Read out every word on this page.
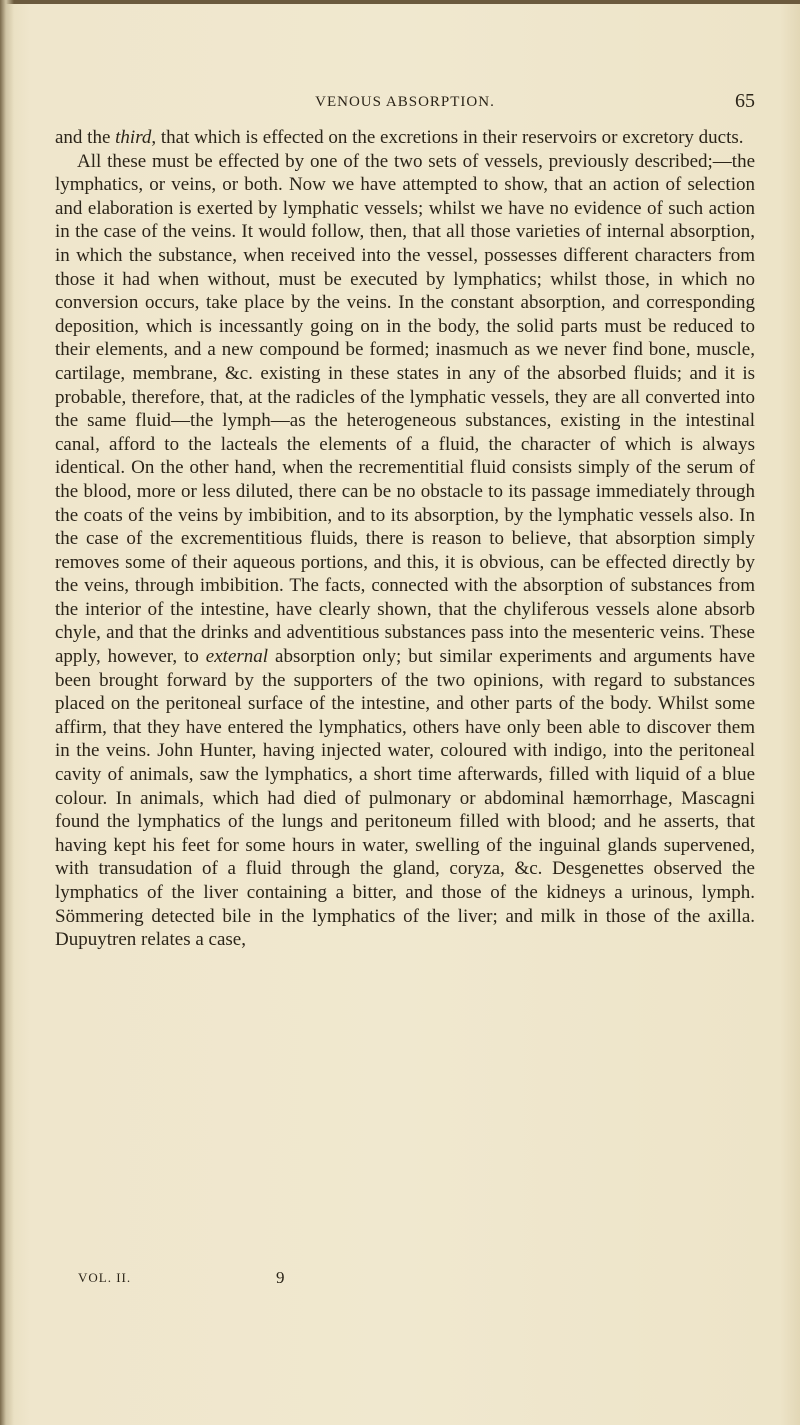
VENOUS ABSORPTION.	65

and the third, that which is effected on the excretions in their reservoirs or excretory ducts.

All these must be effected by one of the two sets of vessels, previously described;—the lymphatics, or veins, or both. Now we have attempted to show, that an action of selection and elaboration is exerted by lymphatic vessels; whilst we have no evidence of such action in the case of the veins. It would follow, then, that all those varieties of internal absorption, in which the substance, when received into the vessel, possesses different characters from those it had when without, must be executed by lymphatics; whilst those, in which no conversion occurs, take place by the veins. In the constant absorption, and corresponding deposition, which is incessantly going on in the body, the solid parts must be reduced to their elements, and a new compound be formed; inasmuch as we never find bone, muscle, cartilage, membrane, &c. existing in these states in any of the absorbed fluids; and it is probable, therefore, that, at the radicles of the lymphatic vessels, they are all converted into the same fluid—the lymph—as the heterogeneous substances, existing in the intestinal canal, afford to the lacteals the elements of a fluid, the character of which is always identical. On the other hand, when the recrementitial fluid consists simply of the serum of the blood, more or less diluted, there can be no obstacle to its passage immediately through the coats of the veins by imbibition, and to its absorption, by the lymphatic vessels also. In the case of the excrementitious fluids, there is reason to believe, that absorption simply removes some of their aqueous portions, and this, it is obvious, can be effected directly by the veins, through imbibition. The facts, connected with the absorption of substances from the interior of the intestine, have clearly shown, that the chyliferous vessels alone absorb chyle, and that the drinks and adventitious substances pass into the mesenteric veins. These apply, however, to external absorption only; but similar experiments and arguments have been brought forward by the supporters of the two opinions, with regard to substances placed on the peritoneal surface of the intestine, and other parts of the body. Whilst some affirm, that they have entered the lymphatics, others have only been able to discover them in the veins. John Hunter, having injected water, coloured with indigo, into the peritoneal cavity of animals, saw the lymphatics, a short time afterwards, filled with liquid of a blue colour. In animals, which had died of pulmonary or abdominal hæmorrhage, Mascagni found the lymphatics of the lungs and peritoneum filled with blood; and he asserts, that having kept his feet for some hours in water, swelling of the inguinal glands supervened, with transudation of a fluid through the gland, coryza, &c. Desgenettes observed the lymphatics of the liver containing a bitter, and those of the kidneys a urinous, lymph. Sömmering detected bile in the lymphatics of the liver; and milk in those of the axilla. Dupuytren relates a case,

VOL. II.	9
